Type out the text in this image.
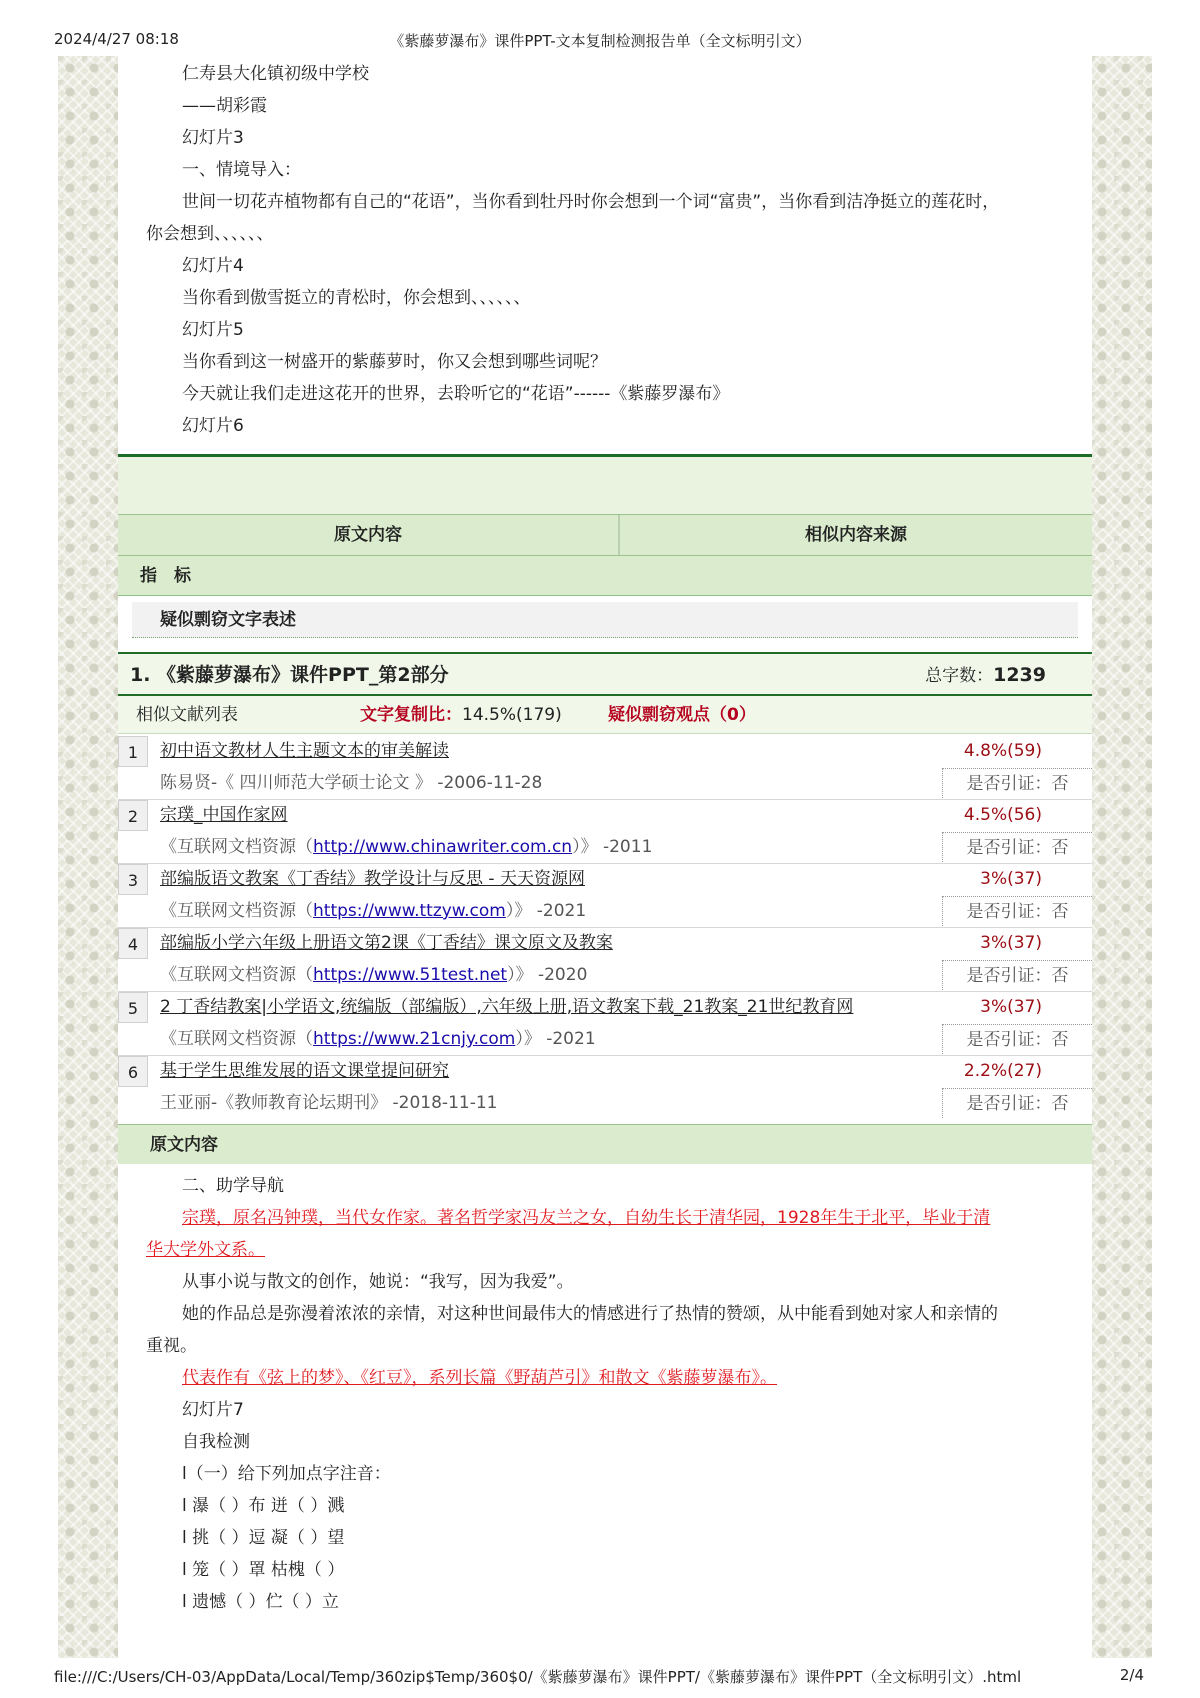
2024/4/27 08:18	《紫藤萝瀑布》课件PPT-文本复制检测报告单（全文标明引文）
仁寿县大化镇初级中学校
——胡彩霞
幻灯片3
一、情境导入：
世间一切花卉植物都有自己的“花语”，当你看到牡丹时你会想到一个词“富贵”，当你看到洁净挺立的莲花时，
你会想到、、、、、、
幻灯片4
当你看到傲雪挺立的青松时，你会想到、、、、、、
幻灯片5
当你看到这一树盛开的紫藤萝时，你又会想到哪些词呢？
今天就让我们走进这花开的世界，去聆听它的“花语”------《紫藤罗瀑布》
幻灯片6
原文内容	相似内容来源
指　标
疑似剽窃文字表述
1. 《紫藤萝瀑布》课件PPT_第2部分	总字数：1239
相似文献列表	文字复制比：14.5%(179)	疑似剽窃观点（0）
1	初中语文教材人生主题文本的审美解读	4.8%(59)
陈易贤-《 四川师范大学硕士论文 》 -2006-11-28	是否引证：否
2	宗璞_中国作家网	4.5%(56)
《互联网文档资源（http://www.chinawriter.com.cn）》 -2011	是否引证：否
3	部编版语文教案《丁香结》教学设计与反思 - 天天资源网	3%(37)
《互联网文档资源（https://www.ttzyw.com）》 -2021	是否引证：否
4	部编版小学六年级上册语文第2课《丁香结》课文原文及教案	3%(37)
《互联网文档资源（https://www.51test.net）》 -2020	是否引证：否
5	2 丁香结教案|小学语文,统编版（部编版）,六年级上册,语文教案下载_21教案_21世纪教育网	3%(37)
《互联网文档资源（https://www.21cnjy.com）》 -2021	是否引证：否
6	基于学生思维发展的语文课堂提问研究	2.2%(27)
王亚丽-《教师教育论坛期刊》 -2018-11-11	是否引证：否
原文内容
二、助学导航
宗璞，原名冯钟璞，当代女作家。著名哲学家冯友兰之女，自幼生长于清华园，1928年生于北平，毕业于清
华大学外文系。
从事小说与散文的创作，她说：“我写，因为我爱”。
她的作品总是弥漫着浓浓的亲情，对这种世间最伟大的情感进行了热情的赞颂，从中能看到她对家人和亲情的
重视。
代表作有《弦上的梦》、《红豆》，系列长篇《野葫芦引》和散文《紫藤萝瀑布》。
幻灯片7
自我检测
l（一）给下列加点字注音：
l 瀑（ ）布 迸（ ）溅
l 挑（ ）逗 凝（ ）望
l 笼（ ）罩 枯槐（ ）
l 遗憾（ ）伫（ ）立
file:///C:/Users/CH-03/AppData/Local/Temp/360zip$Temp/360$0/《紫藤萝瀑布》课件PPT/《紫藤萝瀑布》课件PPT（全文标明引文）.html	2/4
